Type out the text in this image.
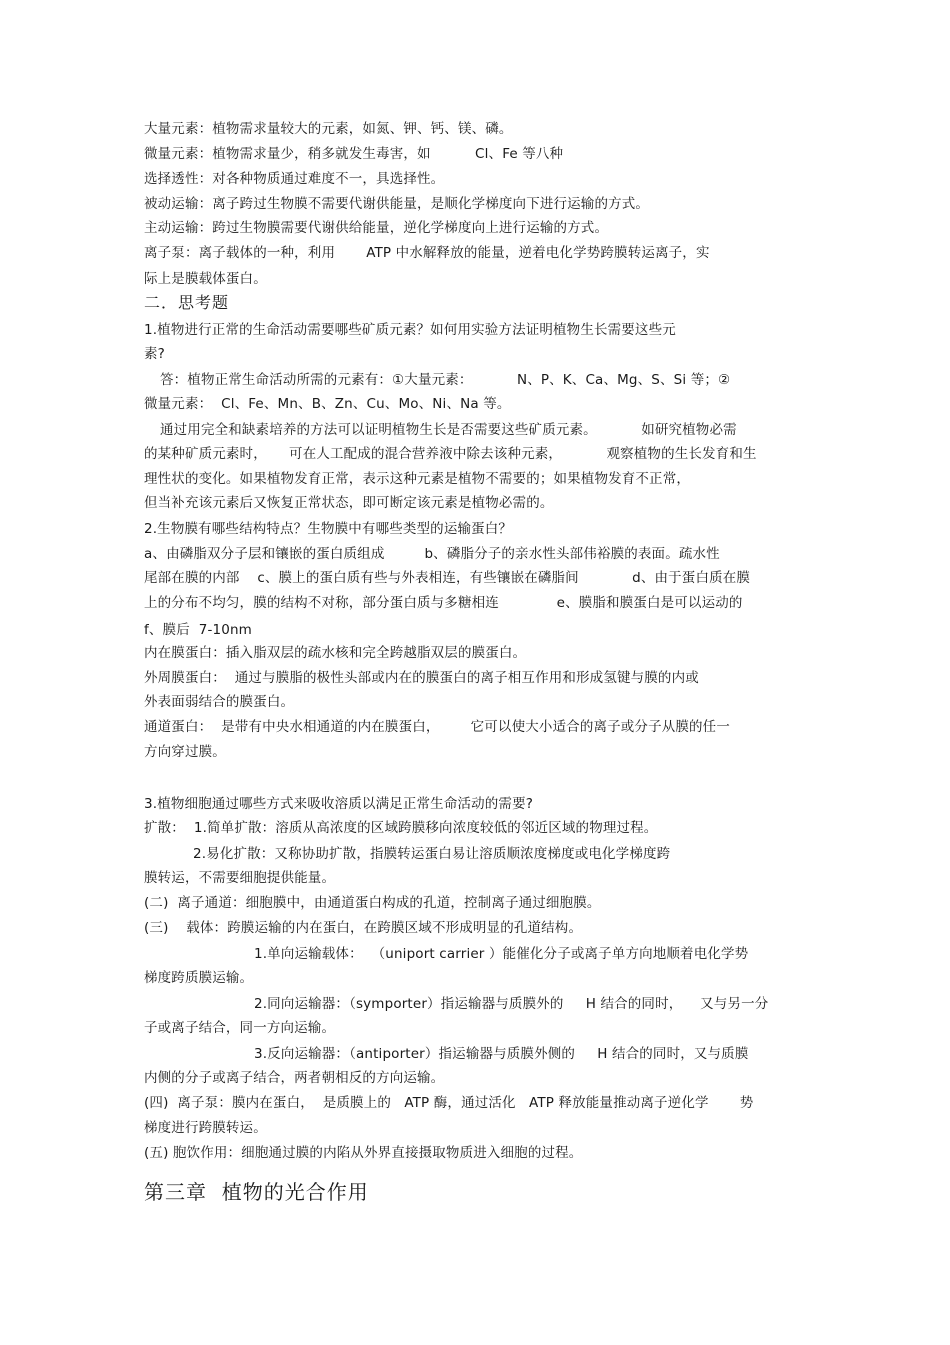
大量元素：植物需求量较大的元素，如氮、钾、钙、镁、磷。
微量元素：植物需求量少，稍多就发生毒害，如          Cl、Fe 等八种
选择透性：对各种物质通过难度不一，具选择性。
被动运输：离子跨过生物膜不需要代谢供能量，是顺化学梯度向下进行运输的方式。
主动运输：跨过生物膜需要代谢供给能量，逆化学梯度向上进行运输的方式。
离子泵：离子载体的一种，利用       ATP 中水解释放的能量，逆着电化学势跨膜转运离子，实
际上是膜载体蛋白。
二．思考题
1.植物进行正常的生命活动需要哪些矿质元素？如何用实验方法证明植物生长需要这些元
素?
答：植物正常生命活动所需的元素有：①大量元素：          N、P、K、Ca、Mg、S、Si 等；②
微量元素：  Cl、Fe、Mn、B、Zn、Cu、Mo、Ni、Na 等。
通过用完全和缺素培养的方法可以证明植物生长是否需要这些矿质元素。          如研究植物必需
的某种矿质元素时，     可在人工配成的混合营养液中除去该种元素，          观察植物的生长发育和生
理性状的变化。如果植物发育正常，表示这种元素是植物不需要的；如果植物发育不正常，
但当补充该元素后又恢复正常状态，即可断定该元素是植物必需的。
2.生物膜有哪些结构特点？生物膜中有哪些类型的运输蛋白？
a、由磷脂双分子层和镶嵌的蛋白质组成         b、磷脂分子的亲水性头部伟裕膜的表面。疏水性
尾部在膜的内部    c、膜上的蛋白质有些与外表相连，有些镶嵌在磷脂间            d、由于蛋白质在膜
上的分布不均匀，膜的结构不对称，部分蛋白质与多糖相连             e、膜脂和膜蛋白是可以运动的
f、膜后  7-10nm
内在膜蛋白：插入脂双层的疏水核和完全跨越脂双层的膜蛋白。
外周膜蛋白：  通过与膜脂的极性头部或内在的膜蛋白的离子相互作用和形成氢键与膜的内或
外表面弱结合的膜蛋白。
通道蛋白：  是带有中央水相通道的内在膜蛋白，       它可以使大小适合的离子或分子从膜的任一
方向穿过膜。
3.植物细胞通过哪些方式来吸收溶质以满足正常生命活动的需要?
扩散：  1.简单扩散：溶质从高浓度的区域跨膜移向浓度较低的邻近区域的物理过程。
2.易化扩散：又称协助扩散，指膜转运蛋白易让溶质顺浓度梯度或电化学梯度跨
膜转运，不需要细胞提供能量。
(二)  离子通道：细胞膜中，由通道蛋白构成的孔道，控制离子通过细胞膜。
(三)    载体：跨膜运输的内在蛋白，在跨膜区域不形成明显的孔道结构。
1.单向运输载体：  （uniport carrier ）能催化分子或离子单方向地顺着电化学势
梯度跨质膜运输。
2.同向运输器：（symporter）指运输器与质膜外的     H 结合的同时，    又与另一分
子或离子结合，同一方向运输。
3.反向运输器：（antiporter）指运输器与质膜外侧的     H 结合的同时，又与质膜
内侧的分子或离子结合，两者朝相反的方向运输。
(四)  离子泵：膜内在蛋白，  是质膜上的   ATP 酶，通过活化   ATP 释放能量推动离子逆化学       势
梯度进行跨膜转运。
(五) 胞饮作用：细胞通过膜的内陷从外界直接摄取物质进入细胞的过程。
第三章  植物的光合作用
